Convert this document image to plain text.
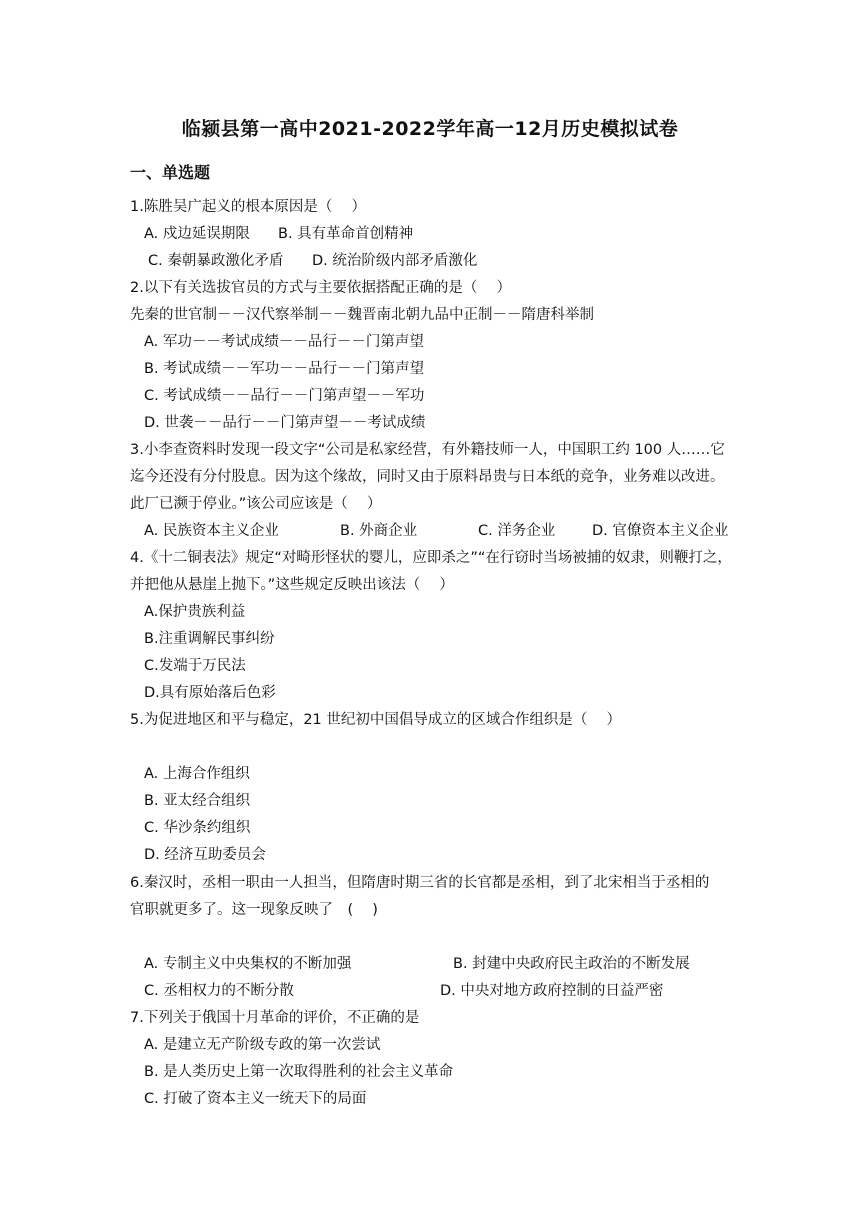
临颍县第一高中2021-2022学年高一12月历史模拟试卷
一、单选题
1.陈胜吴广起义的根本原因是（　 ）
A. 戍边延误期限 B. 具有革命首创精神
C. 秦朝暴政激化矛盾 D. 统治阶级内部矛盾激化
2.以下有关选拔官员的方式与主要依据搭配正确的是（　 ）
先秦的世官制－－汉代察举制－－魏晋南北朝九品中正制－－隋唐科举制
A. 军功－－考试成绩－－品行－－门第声望
B. 考试成绩－－军功－－品行－－门第声望
C. 考试成绩－－品行－－门第声望－－军功
D. 世袭－－品行－－门第声望－－考试成绩
3.小李查资料时发现一段文字“公司是私家经营，有外籍技师一人，中国职工约 100 人……它
迄今还没有分付股息。因为这个缘故，同时又由于原料昂贵与日本纸的竞争，业务难以改进。
此厂已濒于停业。”该公司应该是（　 ）
A. 民族资本主义企业	B. 外商企业	C. 洋务企业	D. 官僚资本主义企业
4.《十二铜表法》规定“对畸形怪状的婴儿，应即杀之”“在行窃时当场被捕的奴隶，则鞭打之，
并把他从悬崖上抛下。”这些规定反映出该法（　 ）
A.保护贵族利益
B.注重调解民事纠纷
C.发端于万民法
D.具有原始落后色彩
5.为促进地区和平与稳定，21 世纪初中国倡导成立的区域合作组织是（　 ）
A. 上海合作组织
B. 亚太经合组织
C. 华沙条约组织
D. 经济互助委员会
6.秦汉时，丞相一职由一人担当，但隋唐时期三省的长官都是丞相，到了北宋相当于丞相的
官职就更多了。这一现象反映了　(　 )
A. 专制主义中央集权的不断加强	B. 封建中央政府民主政治的不断发展
C. 丞相权力的不断分散	D. 中央对地方政府控制的日益严密
7.下列关于俄国十月革命的评价，不正确的是
A. 是建立无产阶级专政的第一次尝试
B. 是人类历史上第一次取得胜利的社会主义革命
C. 打破了资本主义一统天下的局面
